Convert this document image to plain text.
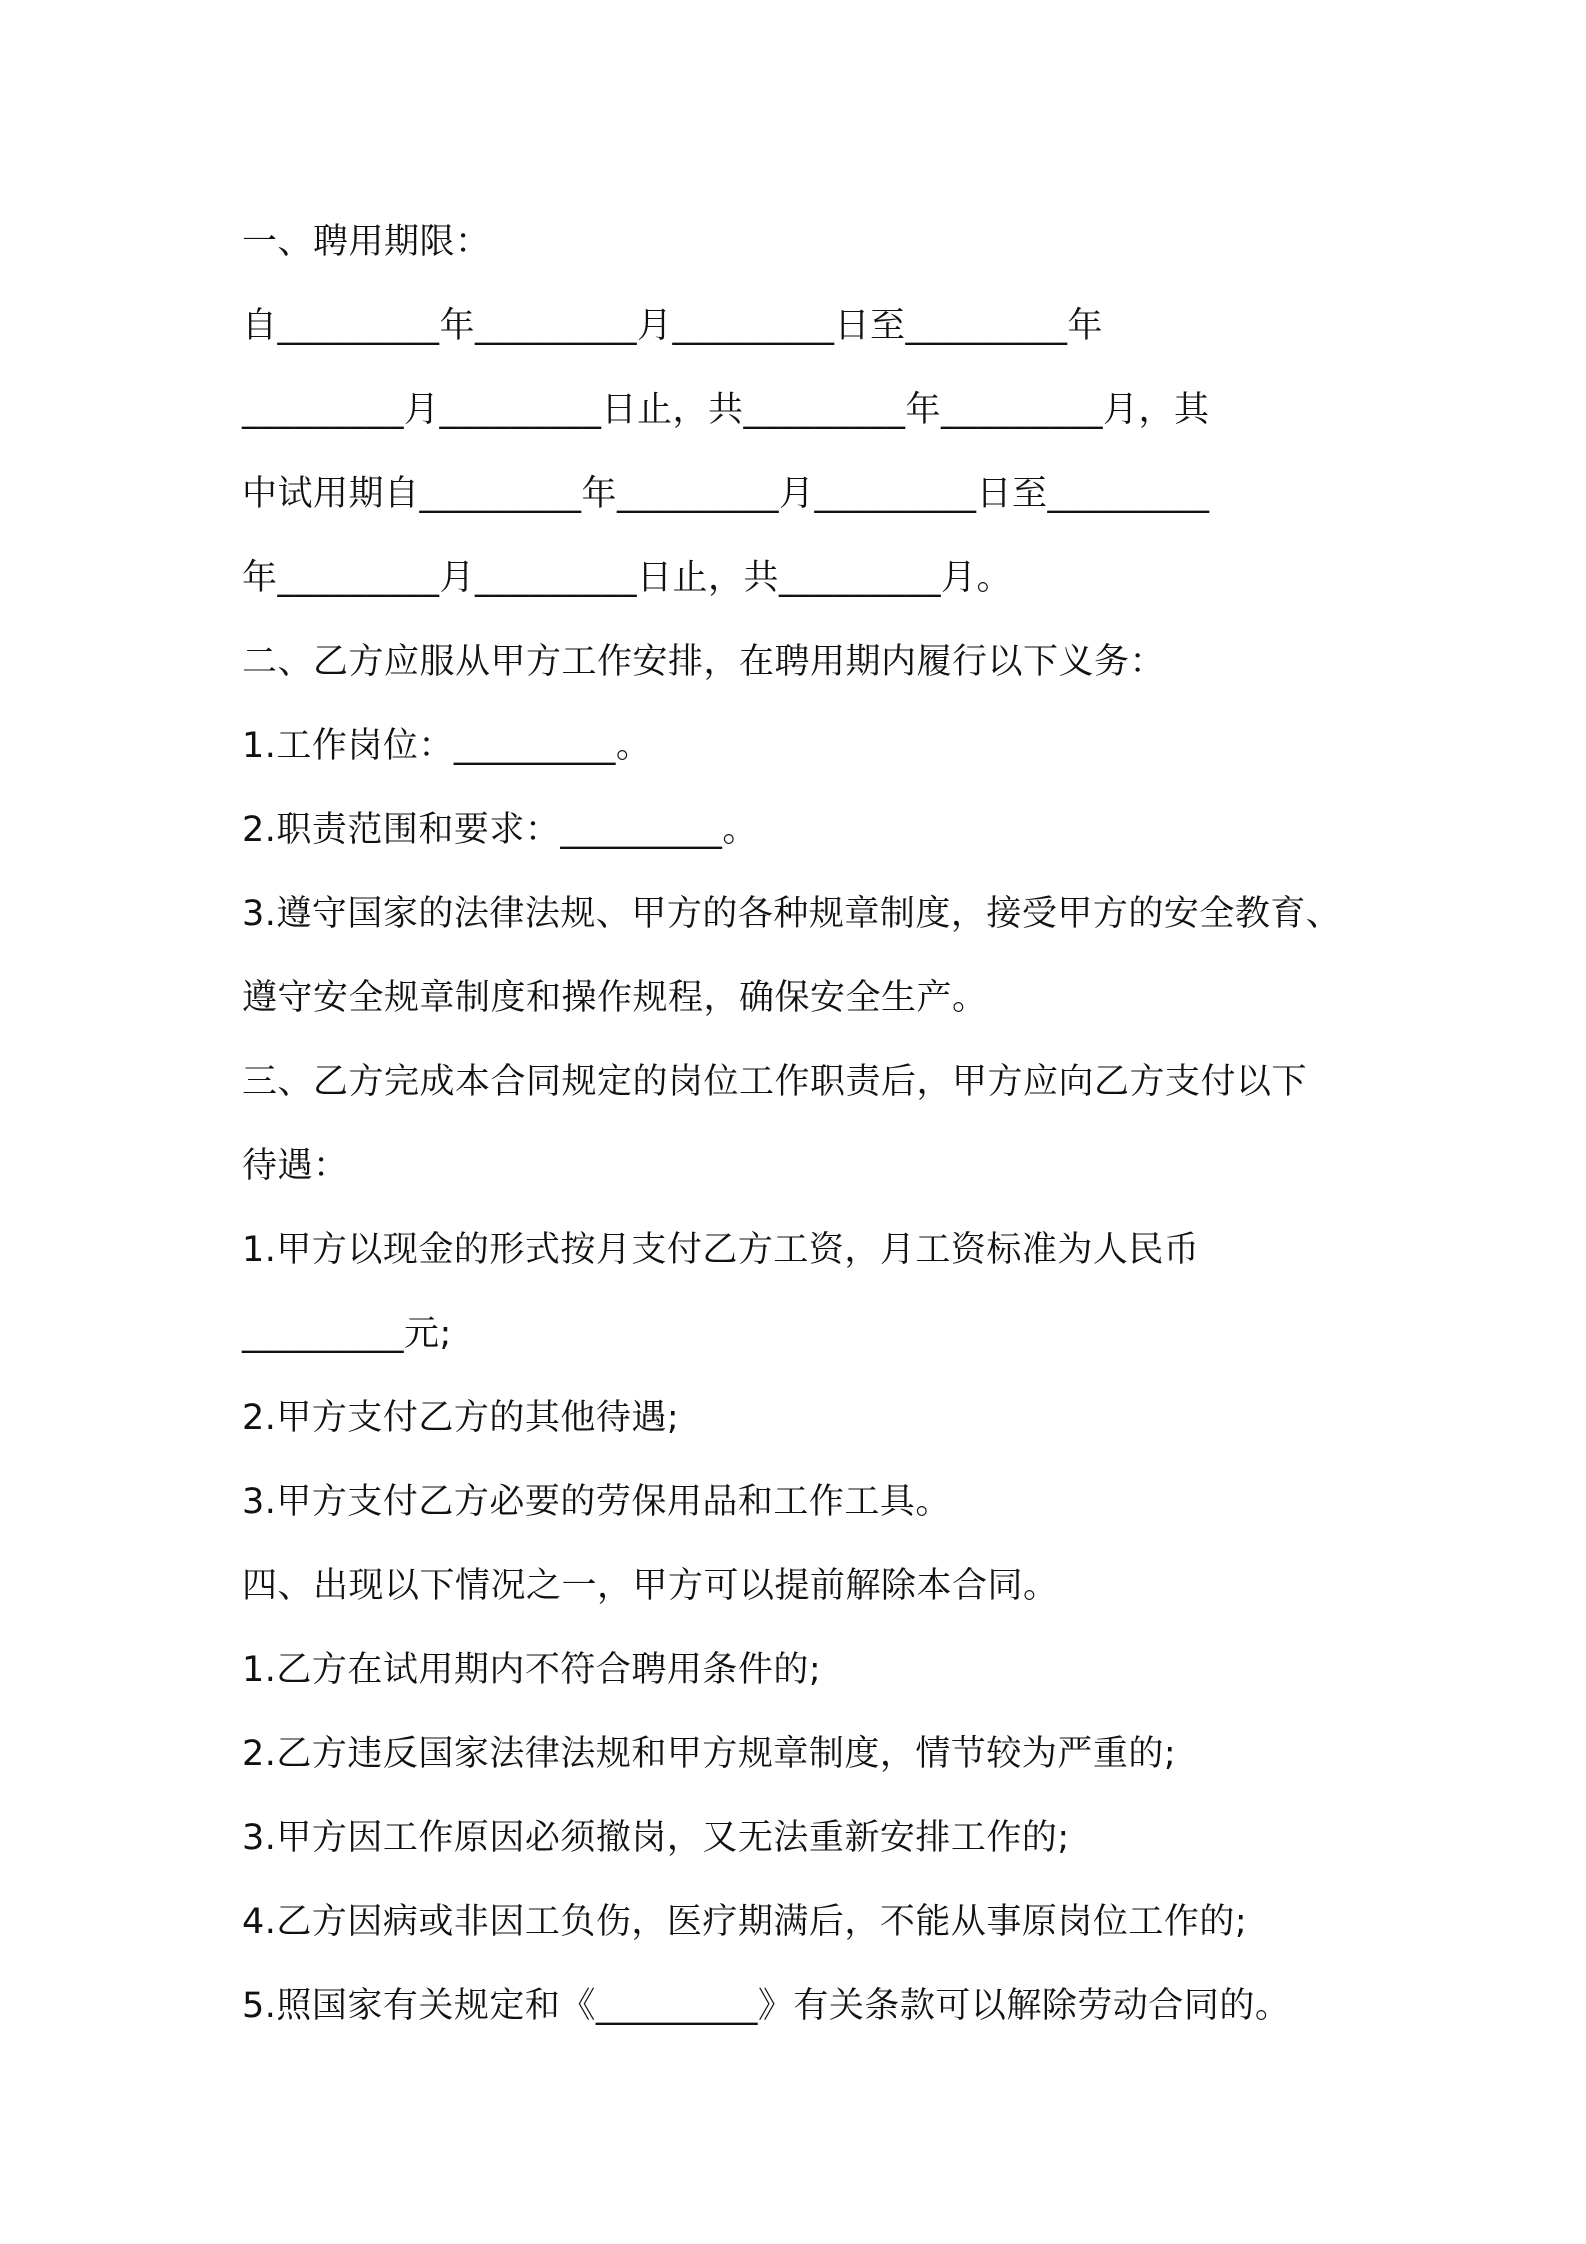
一、聘用期限：

自_________年_________月_________日至_________年

_________月_________日止，共_________年_________月，其

中试用期自_________年_________月_________日至_________

年_________月_________日止，共_________月。

二、乙方应服从甲方工作安排，在聘用期内履行以下义务：

1.工作岗位：_________。

2.职责范围和要求：_________。

3.遵守国家的法律法规、甲方的各种规章制度，接受甲方的安全教育、

遵守安全规章制度和操作规程，确保安全生产。

三、乙方完成本合同规定的岗位工作职责后，甲方应向乙方支付以下

待遇：

1.甲方以现金的形式按月支付乙方工资，月工资标准为人民币

_________元;

2.甲方支付乙方的其他待遇;

3.甲方支付乙方必要的劳保用品和工作工具。

四、出现以下情况之一，甲方可以提前解除本合同。

1.乙方在试用期内不符合聘用条件的;

2.乙方违反国家法律法规和甲方规章制度，情节较为严重的;

3.甲方因工作原因必须撤岗，又无法重新安排工作的;

4.乙方因病或非因工负伤，医疗期满后，不能从事原岗位工作的;

5.照国家有关规定和《_________》有关条款可以解除劳动合同的。
